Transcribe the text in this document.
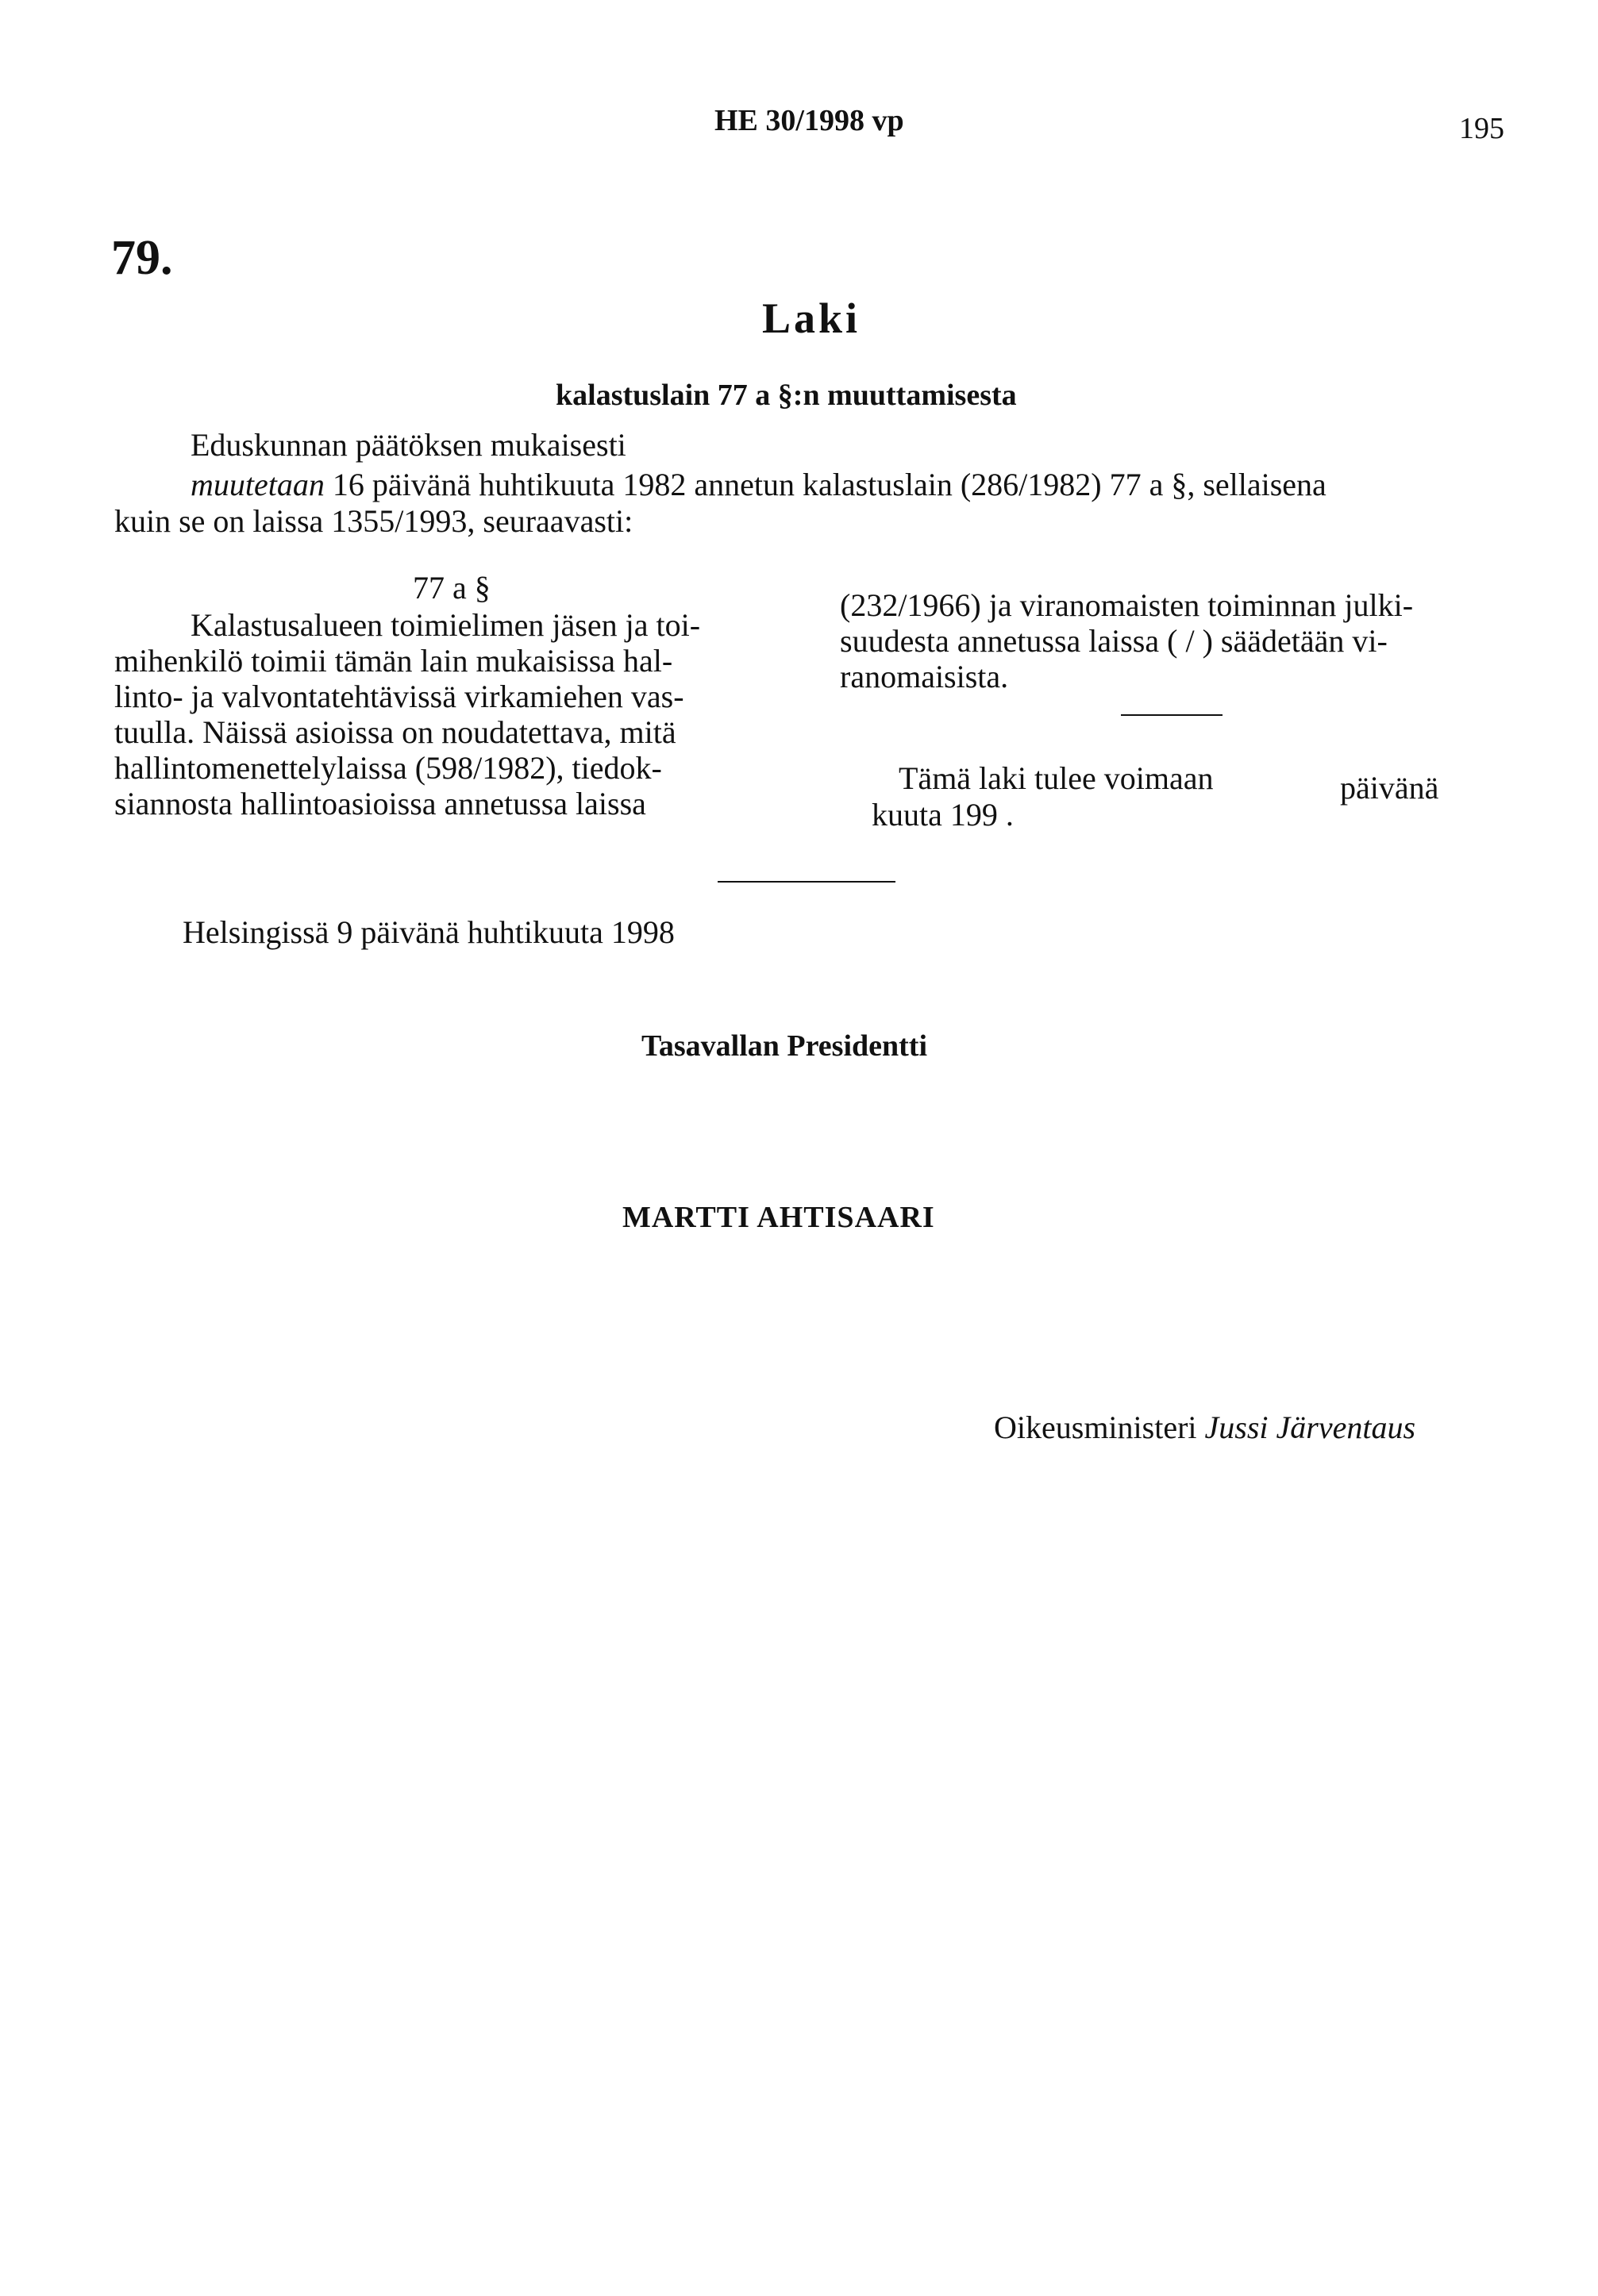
HE 30/1998 vp	195
79.
Laki
kalastuslain 77 a §:n muuttamisesta
Eduskunnan päätöksen mukaisesti
muutetaan 16 päivänä huhtikuuta 1982 annetun kalastuslain (286/1982) 77 a §, sellaisena
kuin se on laissa 1355/1993, seuraavasti:
77 a §
Kalastusalueen toimielimen jäsen ja toi-
mihenkilö toimii tämän lain mukaisissa hal-
linto- ja valvontatehtävissä virkamiehen vas-
tuulla. Näissä asioissa on noudatettava, mitä
hallintomenettelylaissa (598/1982), tiedok-
siannosta hallintoasioissa annetussa laissa
(232/1966) ja viranomaisten toiminnan julki-
suudesta annetussa laissa ( / ) säädetään vi-
ranomaisista.
Tämä laki tulee voimaan	päivänä
kuuta 199 .
Helsingissä 9 päivänä huhtikuuta 1998
Tasavallan Presidentti
MARTTI AHTISAARI
Oikeusministeri Jussi Järventaus
